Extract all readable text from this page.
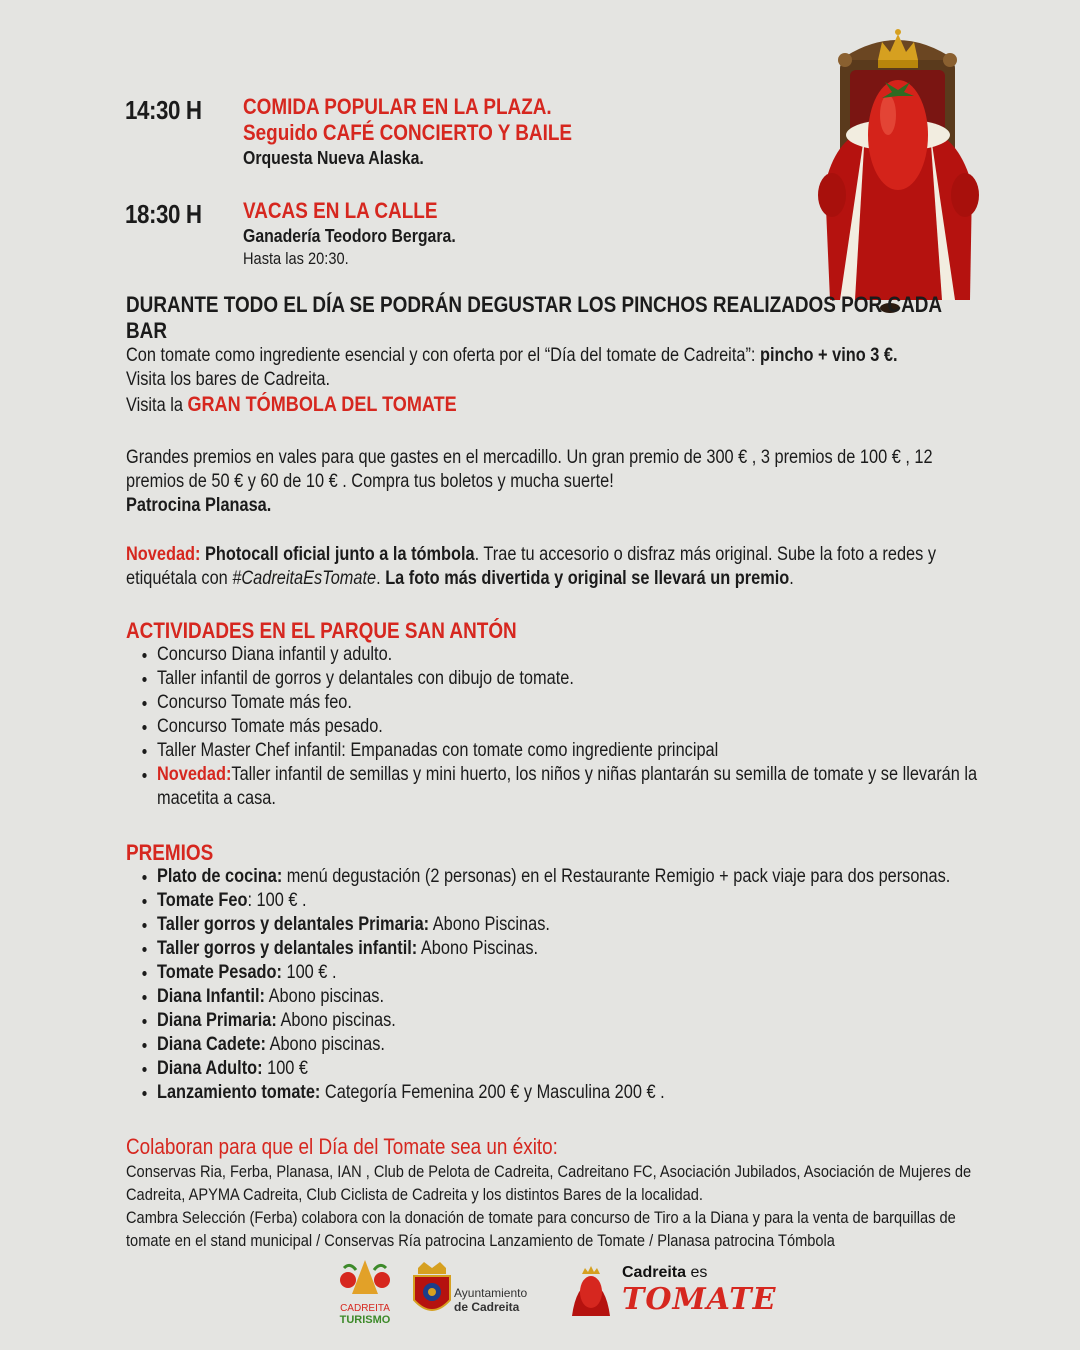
14:30 H COMIDA POPULAR EN LA PLAZA.
Seguido CAFÉ CONCIERTO Y BAILE
Orquesta Nueva Alaska.
18:30 H VACAS EN LA CALLE
Ganadería Teodoro Bergara.
Hasta las 20:30.
DURANTE TODO EL DÍA SE PODRÁN DEGUSTAR LOS PINCHOS REALIZADOS POR CADA BAR
Con tomate como ingrediente esencial y con oferta por el “Día del tomate de Cadreita”: pincho + vino 3 €.
Visita los bares de Cadreita.
Visita la GRAN TÓMBOLA DEL TOMATE
Grandes premios en vales para que gastes en el mercadillo. Un gran premio de 300 € , 3 premios de 100 € , 12 premios de 50 € y 60 de 10 € . Compra tus boletos y mucha suerte!
Patrocina Planasa.
Novedad: Photocall oficial junto a la tómbola. Trae tu accesorio o disfraz más original. Sube la foto a redes y etiquétala con #CadreitaEsTomate. La foto más divertida y original se llevará un premio.
ACTIVIDADES EN EL PARQUE SAN ANTÓN
• Concurso Diana infantil y adulto.
• Taller infantil de gorros y delantales con dibujo de tomate.
• Concurso Tomate más feo.
• Concurso Tomate más pesado.
• Taller Master Chef infantil: Empanadas con tomate como ingrediente principal
• Novedad:Taller infantil de semillas y mini huerto, los niños y niñas plantarán su semilla de tomate y se llevarán la macetita a casa.
PREMIOS
• Plato de cocina: menú degustación (2 personas) en el Restaurante Remigio + pack viaje para dos personas.
• Tomate Feo: 100 € .
• Taller gorros y delantales Primaria: Abono Piscinas.
• Taller gorros y delantales infantil: Abono Piscinas.
• Tomate Pesado: 100 € .
• Diana Infantil: Abono piscinas.
• Diana Primaria: Abono piscinas.
• Diana Cadete: Abono piscinas.
• Diana Adulto: 100 €
• Lanzamiento tomate: Categoría Femenina 200 € y Masculina 200 € .
Colaboran para que el Día del Tomate sea un éxito:
Conservas Ria, Ferba, Planasa, IAN , Club de Pelota de Cadreita, Cadreitano FC, Asociación Jubilados, Asociación de Mujeres de Cadreita, APYMA Cadreita, Club Ciclista de Cadreita y los distintos Bares de la localidad.
Cambra Selección (Ferba) colabora con la donación de tomate para concurso de Tiro a la Diana y para la venta de barquillas de tomate en el stand municipal / Conservas Ría patrocina Lanzamiento de Tomate / Planasa patrocina Tómbola
CADREITA
TURISMO
Ayuntamiento
de Cadreita
Cadreita es
TOMATE
